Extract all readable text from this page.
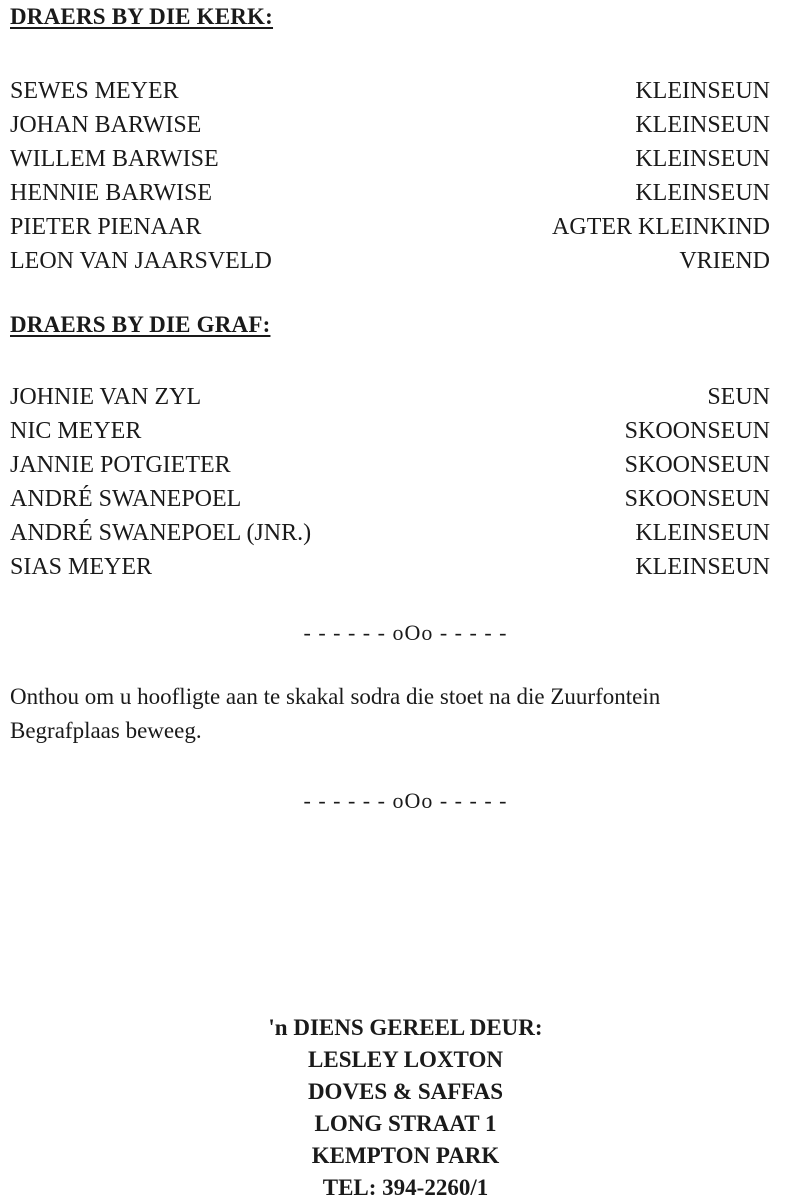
DRAERS BY DIE KERK:
SEWES MEYER	KLEINSEUN
JOHAN BARWISE	KLEINSEUN
WILLEM BARWISE	KLEINSEUN
HENNIE BARWISE	KLEINSEUN
PIETER PIENAAR	AGTER KLEINKIND
LEON VAN JAARSVELD	VRIEND
DRAERS BY DIE GRAF:
JOHNIE VAN ZYL	SEUN
NIC MEYER	SKOONSEUN
JANNIE POTGIETER	SKOONSEUN
ANDRÉ SWANEPOEL	SKOONSEUN
ANDRÉ SWANEPOEL (JNR.)	KLEINSEUN
SIAS MEYER	KLEINSEUN

- - - - - - oOo - - - - -

Onthou om u hoofligte aan te skakal sodra die stoet na die Zuurfontein Begrafplaas beweeg.

- - - - - - oOo - - - - -

'n DIENS GEREEL DEUR:
LESLEY LOXTON
DOVES & SAFFAS
LONG STRAAT 1
KEMPTON PARK
TEL: 394-2260/1
